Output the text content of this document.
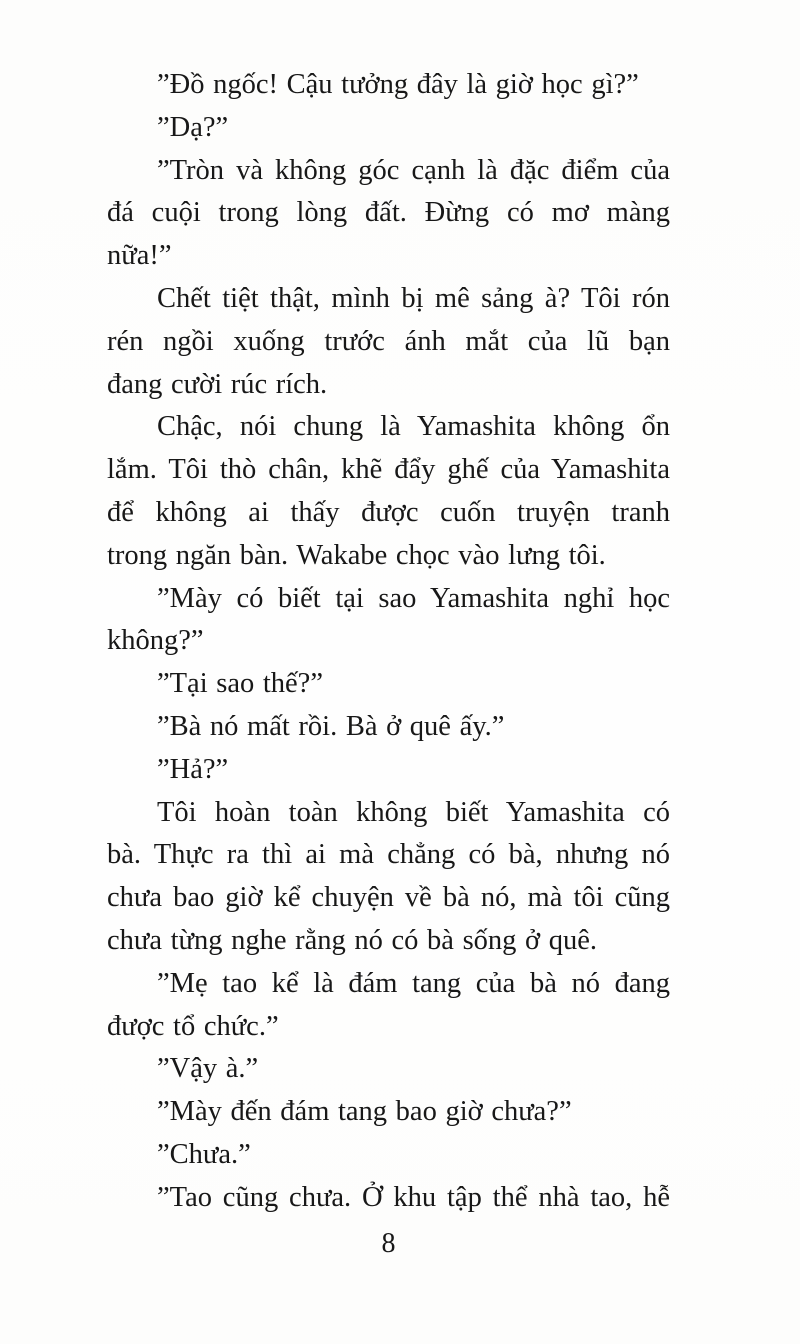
”Đồ ngốc! Cậu tưởng đây là giờ học gì?”
”Dạ?”
”Tròn và không góc cạnh là đặc điểm của
đá cuội trong lòng đất. Đừng có mơ màng
nữa!”
Chết tiệt thật, mình bị mê sảng à? Tôi rón
rén ngồi xuống trước ánh mắt của lũ bạn
đang cười rúc rích.
Chậc, nói chung là Yamashita không ổn
lắm. Tôi thò chân, khẽ đẩy ghế của Yamashita
để không ai thấy được cuốn truyện tranh
trong ngăn bàn. Wakabe chọc vào lưng tôi.
”Mày có biết tại sao Yamashita nghỉ học
không?”
”Tại sao thế?”
”Bà nó mất rồi. Bà ở quê ấy.”
”Hả?”
Tôi hoàn toàn không biết Yamashita có
bà. Thực ra thì ai mà chẳng có bà, nhưng nó
chưa bao giờ kể chuyện về bà nó, mà tôi cũng
chưa từng nghe rằng nó có bà sống ở quê.
”Mẹ tao kể là đám tang của bà nó đang
được tổ chức.”
”Vậy à.”
”Mày đến đám tang bao giờ chưa?”
”Chưa.”
”Tao cũng chưa. Ở khu tập thể nhà tao, hễ
8
